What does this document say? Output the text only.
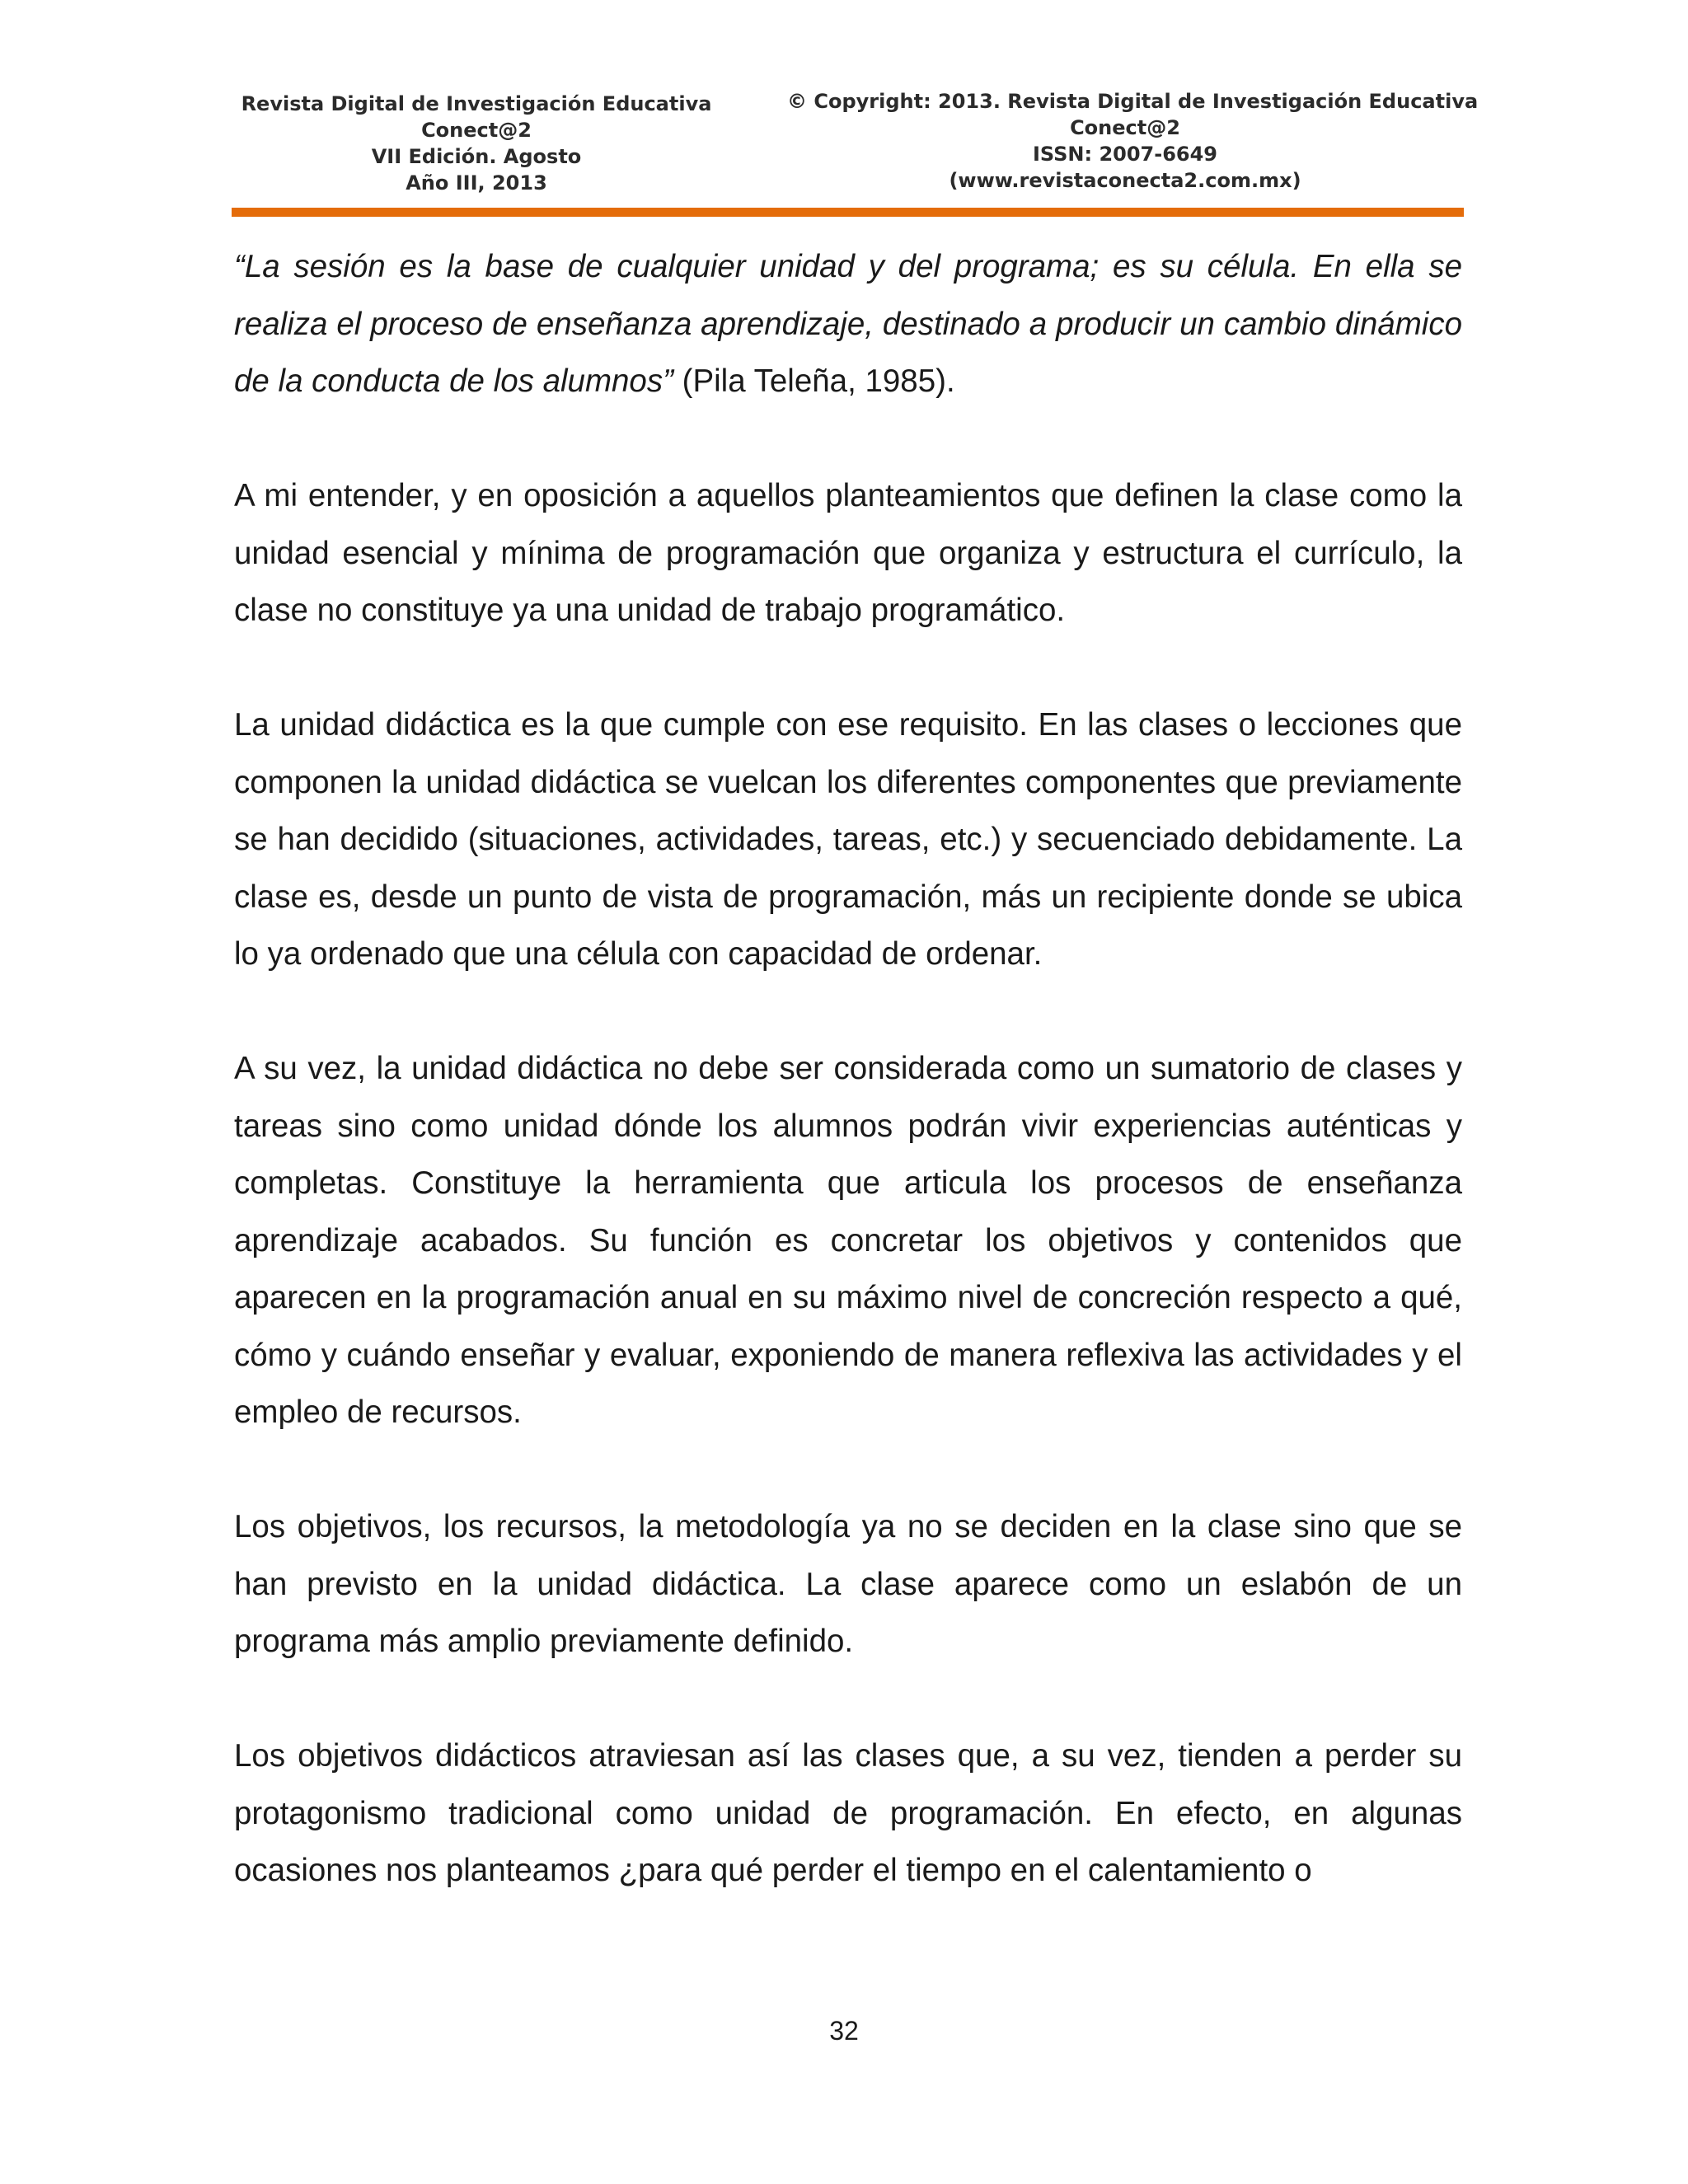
Revista Digital de Investigación Educativa
Conect@2
VII Edición. Agosto
Año III, 2013
© Copyright: 2013. Revista Digital de Investigación Educativa
Conect@2
ISSN: 2007-6649
(www.revistaconecta2.com.mx)

“La sesión es la base de cualquier unidad y del programa; es su célula. En ella se realiza el proceso de enseñanza aprendizaje, destinado a producir un cambio dinámico de la conducta de los alumnos” (Pila Teleña, 1985).

A mi entender, y en oposición a aquellos planteamientos que definen la clase como la unidad esencial y mínima de programación que organiza y estructura el currículo, la clase no constituye ya una unidad de trabajo programático.

La unidad didáctica es la que cumple con ese requisito. En las clases o lecciones que componen la unidad didáctica se vuelcan los diferentes componentes que previamente se han decidido (situaciones, actividades, tareas, etc.) y secuenciado debidamente. La clase es, desde un punto de vista de programación, más un recipiente donde se ubica lo ya ordenado que una célula con capacidad de ordenar.

A su vez, la unidad didáctica no debe ser considerada como un sumatorio de clases y tareas sino como unidad dónde los alumnos podrán vivir experiencias auténticas y completas. Constituye la herramienta que articula los procesos de enseñanza aprendizaje acabados. Su función es concretar los objetivos y contenidos que aparecen en la programación anual en su máximo nivel de concreción respecto a qué, cómo y cuándo enseñar y evaluar, exponiendo de manera reflexiva las actividades y el empleo de recursos.

Los objetivos, los recursos, la metodología ya no se deciden en la clase sino que se han previsto en la unidad didáctica. La clase aparece como un eslabón de un programa más amplio previamente definido.

Los objetivos didácticos atraviesan así las clases que, a su vez, tienden a perder su protagonismo tradicional como unidad de programación. En efecto, en algunas ocasiones nos planteamos ¿para qué perder el tiempo en el calentamiento o

32
